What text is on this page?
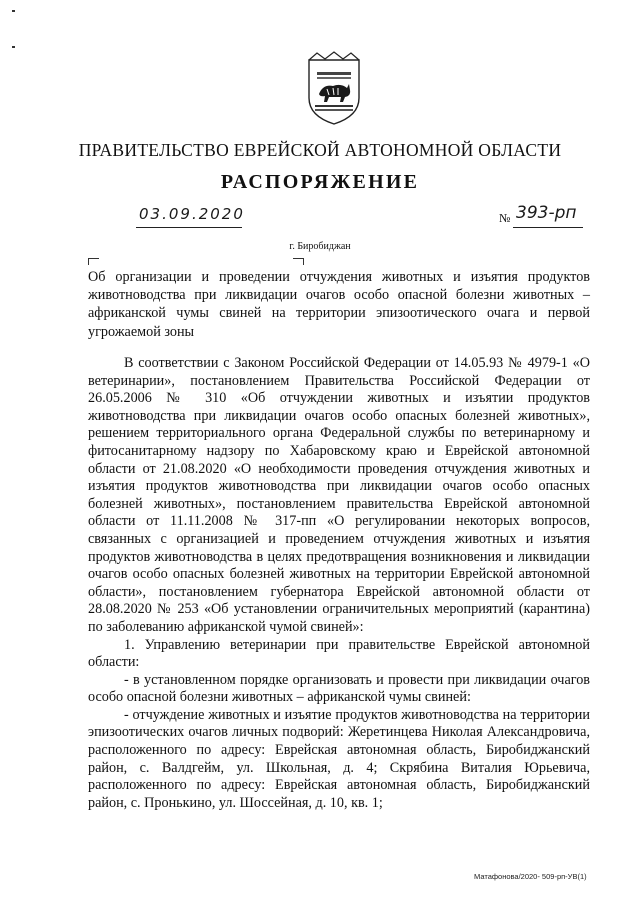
ПРАВИТЕЛЬСТВО ЕВРЕЙСКОЙ АВТОНОМНОЙ ОБЛАСТИ
РАСПОРЯЖЕНИЕ
03.09.2020	№ 393-рп
г. Биробиджан
Об организации и проведении отчуждения животных и изъятия продуктов животноводства при ликвидации очагов особо опасной болезни животных – африканской чумы свиней на территории эпизоотического очага и первой угрожаемой зоны

В соответствии с Законом Российской Федерации от 14.05.93 № 4979-1 «О ветеринарии», постановлением Правительства Российской Федерации от 26.05.2006 № 310 «Об отчуждении животных и изъятии продуктов животноводства при ликвидации очагов особо опасных болезней животных», решением территориального органа Федеральной службы по ветеринарному и фитосанитарному надзору по Хабаровскому краю и Еврейской автономной области от 21.08.2020 «О необходимости проведения отчуждения животных и изъятия продуктов животноводства при ликвидации очагов особо опасных болезней животных», постановлением правительства Еврейской автономной области от 11.11.2008 № 317-пп «О регулировании некоторых вопросов, связанных с организацией и проведением отчуждения животных и изъятия продуктов животноводства в целях предотвращения возникновения и ликвидации очагов особо опасных болезней животных на территории Еврейской автономной области», постановлением губернатора Еврейской автономной области от 28.08.2020 № 253 «Об установлении ограничительных мероприятий (карантина) по заболеванию африканской чумой свиней»:

1. Управлению ветеринарии при правительстве Еврейской автономной области:

- в установленном порядке организовать и провести при ликвидации очагов особо опасной болезни животных – африканской чумы свиней:

- отчуждение животных и изъятие продуктов животноводства на территории эпизоотических очагов личных подворий: Жеретинцева Николая Александровича, расположенного по адресу: Еврейская автономная область, Биробиджанский район, с. Валдгейм, ул. Школьная, д. 4; Скрябина Виталия Юрьевича, расположенного по адресу: Еврейская автономная область, Биробиджанский район, с. Пронькино, ул. Шоссейная, д. 10, кв. 1;

Матафонова/2020- 509-рп-УВ(1)
